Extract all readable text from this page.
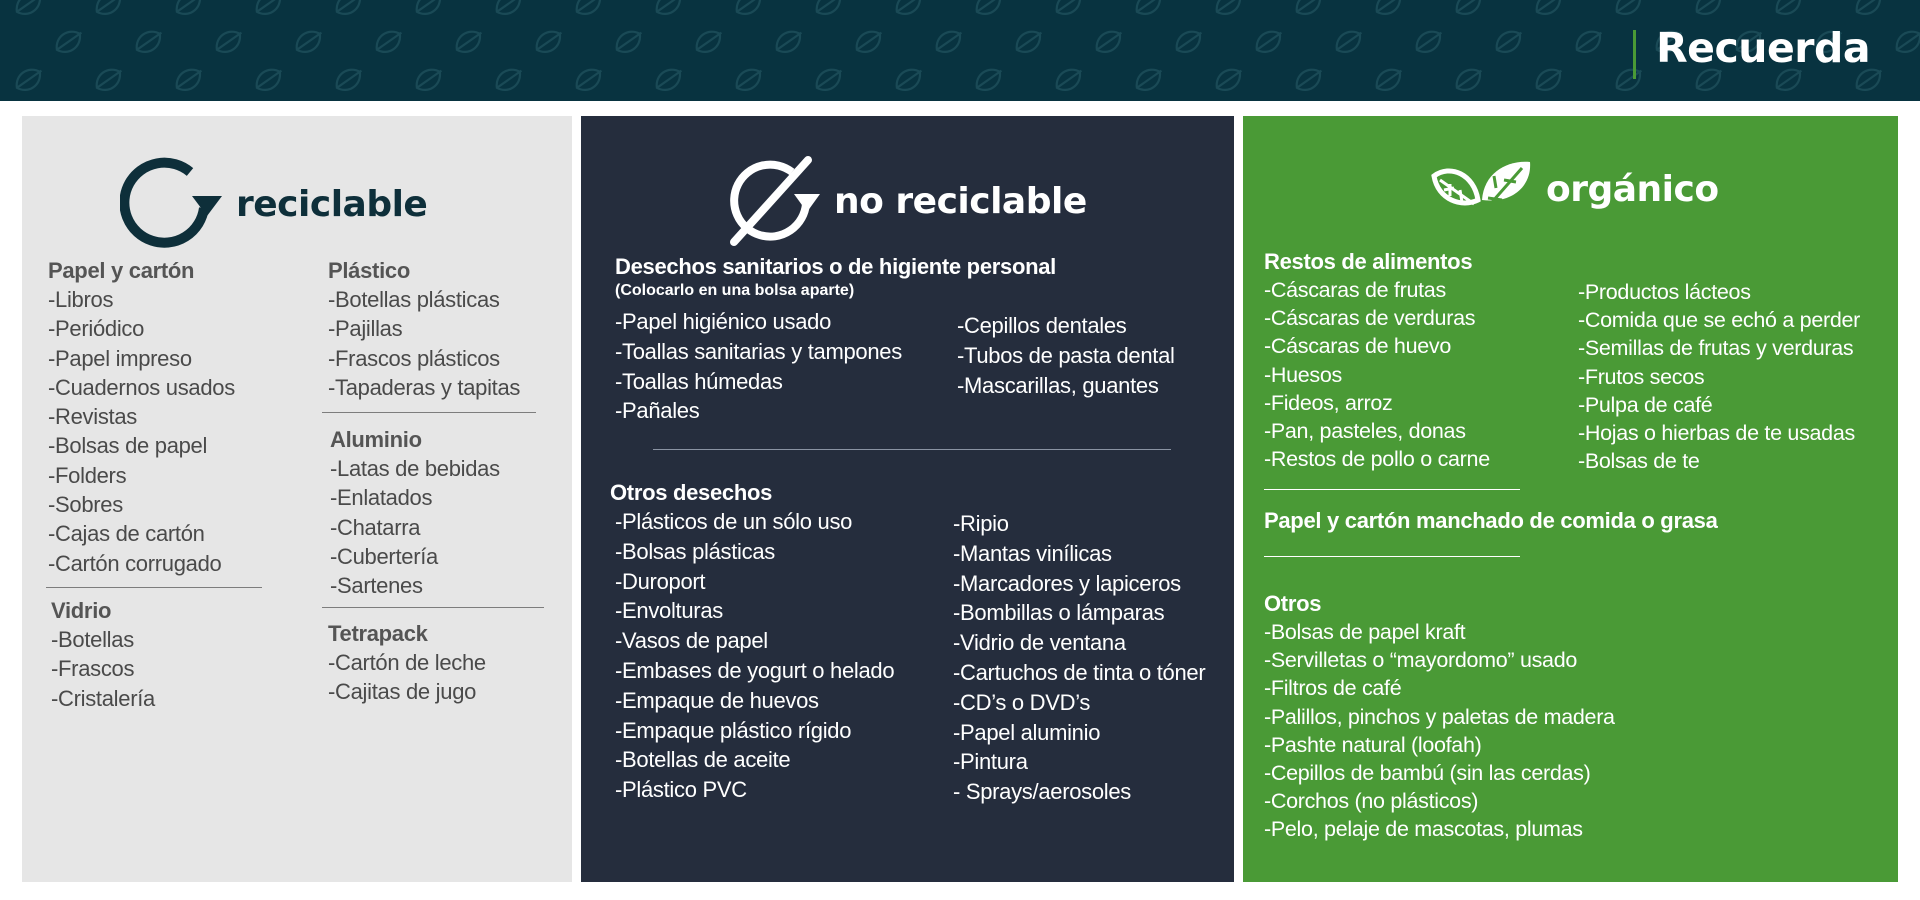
Recuerda
reciclable
Papel y cartón
-Libros
-Periódico
-Papel impreso
-Cuadernos usados
-Revistas
-Bolsas de papel
-Folders
-Sobres
-Cajas de cartón
-Cartón corrugado
Vidrio
-Botellas
-Frascos
-Cristalería
Plástico
-Botellas plásticas
-Pajillas
-Frascos plásticos
-Tapaderas y tapitas
Aluminio
-Latas de bebidas
-Enlatados
-Chatarra
-Cubertería
-Sartenes
Tetrapack
-Cartón de leche
-Cajitas de jugo
no reciclable
Desechos sanitarios o de higiente personal
(Colocarlo en una bolsa aparte)
-Papel higiénico usado
-Toallas sanitarias y tampones
-Toallas húmedas
-Pañales
-Cepillos dentales
-Tubos de pasta dental
-Mascarillas, guantes
Otros desechos
-Plásticos de un sólo uso
-Bolsas plásticas
-Duroport
-Envolturas
-Vasos de papel
-Embases de yogurt o helado
-Empaque de huevos
-Empaque plástico rígido
-Botellas de aceite
-Plástico PVC
-Ripio
-Mantas vinílicas
-Marcadores y lapiceros
-Bombillas o lámparas
-Vidrio de ventana
-Cartuchos de tinta o tóner
-CD’s o DVD’s
-Papel aluminio
-Pintura
- Sprays/aerosoles
orgánico
Restos de alimentos
-Cáscaras de frutas
-Cáscaras de verduras
-Cáscaras de huevo
-Huesos
-Fideos, arroz
-Pan, pasteles, donas
-Restos de pollo o carne
-Productos lácteos
-Comida que se echó a perder
-Semillas de frutas y verduras
-Frutos secos
-Pulpa de café
-Hojas o hierbas de te usadas
-Bolsas de te
Papel y cartón manchado de comida o grasa
Otros
-Bolsas de papel kraft
-Servilletas o “mayordomo” usado
-Filtros de café
-Palillos, pinchos y paletas de madera
-Pashte natural (loofah)
-Cepillos de bambú (sin las cerdas)
-Corchos (no plásticos)
-Pelo, pelaje de mascotas, plumas
